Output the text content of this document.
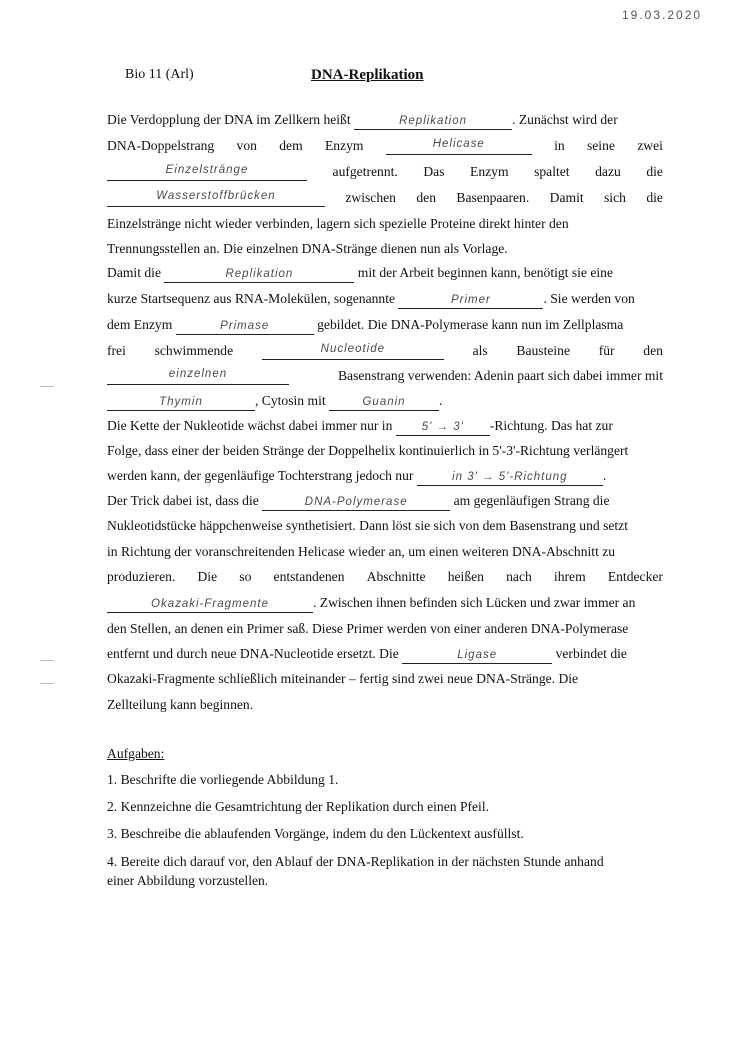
19.03.2020
Bio 11 (Arl)	DNA-Replikation
Die Verdopplung der DNA im Zellkern heißt	Replikation	. Zunächst wird der
DNA-Doppelstrang von dem Enzym	Helicase	in seine zwei
Einzelstränge	aufgetrennt. Das Enzym spaltet dazu die
Wasserstoffbrücken	zwischen den Basenpaaren. Damit sich die
Einzelstränge nicht wieder verbinden, lagern sich spezielle Proteine direkt hinter den
Trennungsstellen an. Die einzelnen DNA-Stränge dienen nun als Vorlage.
Damit die	Replikation	mit der Arbeit beginnen kann, benötigt sie eine
kurze Startsequenz aus RNA-Molekülen, sogenannte	Primer	. Sie werden von
dem Enzym	Primase	gebildet. Die DNA-Polymerase kann nun im Zellplasma
frei schwimmende	Nucleotide	als Bausteine für den
einzelnen	Basenstrang verwenden: Adenin paart sich dabei immer mit
Thymin	, Cytosin mit	Guanin .
Die Kette der Nukleotide wächst dabei immer nur in	5' → 3' -Richtung. Das hat zur
Folge, dass einer der beiden Stränge der Doppelhelix kontinuierlich in 5'-3'-Richtung verlängert
werden kann, der gegenläufige Tochterstrang jedoch nur	in 3' → 5'-Richtung	.
Der Trick dabei ist, dass die	DNA-Polymerase	am gegenläufigen Strang die
Nukleotidstücke häppchenweise synthetisiert. Dann löst sie sich von dem Basenstrang und setzt
in Richtung der voranschreitenden Helicase wieder an, um einen weiteren DNA-Abschnitt zu
produzieren. Die so entstandenen Abschnitte heißen nach ihrem Entdecker
Okazaki-Fragmente	. Zwischen ihnen befinden sich Lücken und zwar immer an
den Stellen, an denen ein Primer saß. Diese Primer werden von einer anderen DNA-Polymerase
entfernt und durch neue DNA-Nucleotide ersetzt. Die	Ligase	verbindet die
Okazaki-Fragmente schließlich miteinander – fertig sind zwei neue DNA-Stränge. Die
Zellteilung kann beginnen.
Aufgaben:
1. Beschrifte die vorliegende Abbildung 1.
2. Kennzeichne die Gesamtrichtung der Replikation durch einen Pfeil.
3. Beschreibe die ablaufenden Vorgänge, indem du den Lückentext ausfüllst.
4. Bereite dich darauf vor, den Ablauf der DNA-Replikation in der nächsten Stunde anhand
einer Abbildung vorzustellen.
